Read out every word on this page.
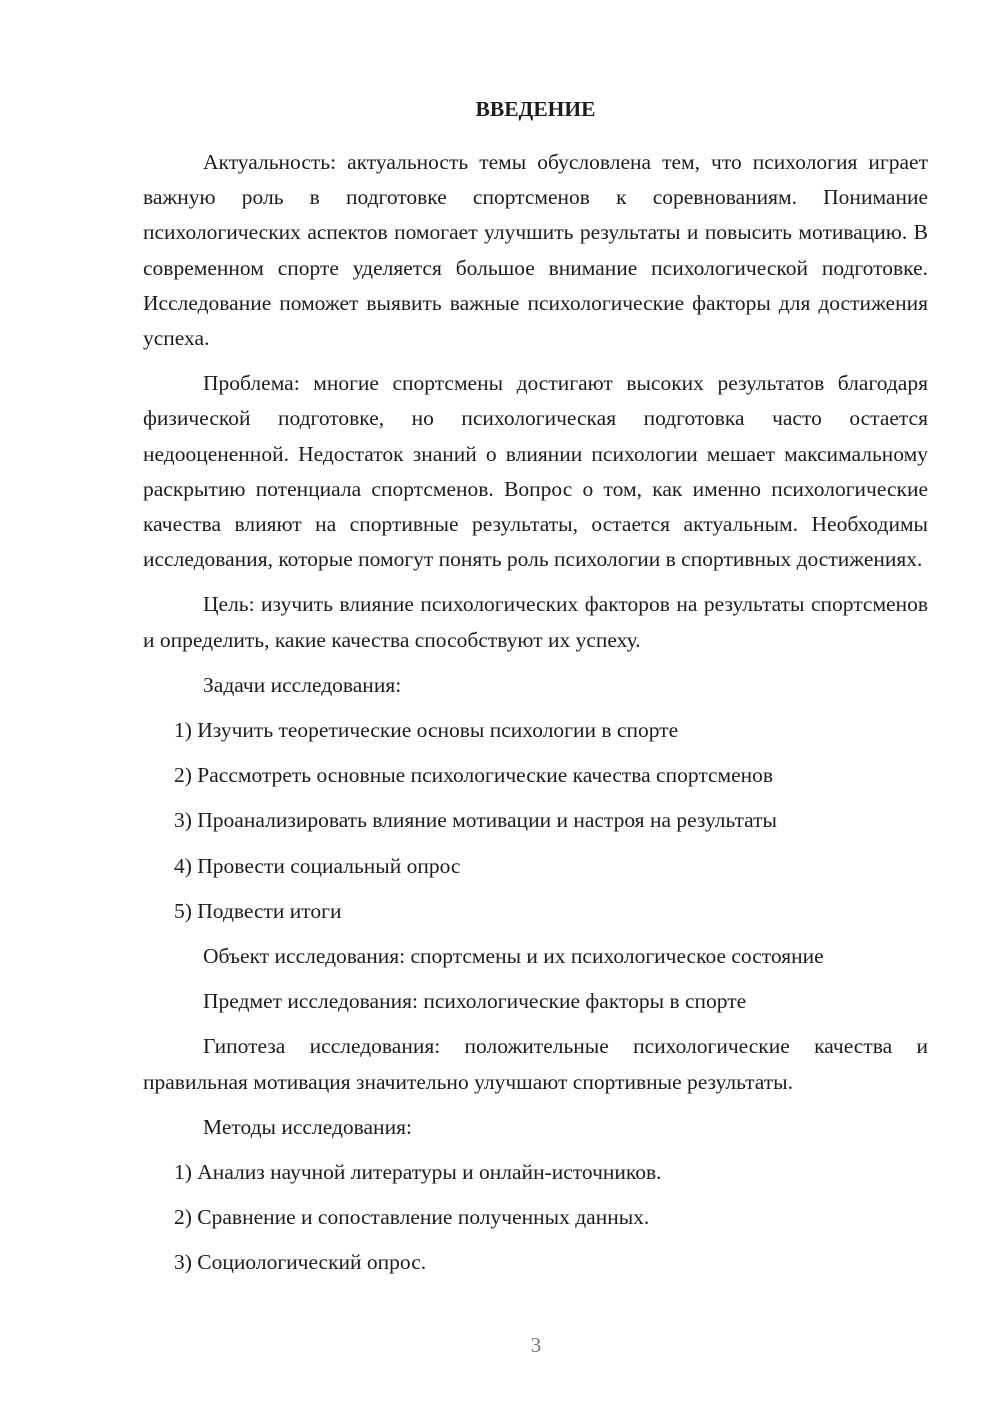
ВВЕДЕНИЕ

Актуальность: актуальность темы обусловлена тем, что психология играет важную роль в подготовке спортсменов к соревнованиям. Понимание психологических аспектов помогает улучшить результаты и повысить мотивацию. В современном спорте уделяется большое внимание психологической подготовке. Исследование поможет выявить важные психологические факторы для достижения успеха.

Проблема: многие спортсмены достигают высоких результатов благодаря физической подготовке, но психологическая подготовка часто остается недооцененной. Недостаток знаний о влиянии психологии мешает максимальному раскрытию потенциала спортсменов. Вопрос о том, как именно психологические качества влияют на спортивные результаты, остается актуальным. Необходимы исследования, которые помогут понять роль психологии в спортивных достижениях.

Цель: изучить влияние психологических факторов на результаты спортсменов и определить, какие качества способствуют их успеху.

Задачи исследования:
1) Изучить теоретические основы психологии в спорте
2) Рассмотреть основные психологические качества спортсменов
3) Проанализировать влияние мотивации и настроя на результаты
4) Провести социальный опрос
5) Подвести итоги
Объект исследования: спортсмены и их психологическое состояние
Предмет исследования: психологические факторы в спорте

Гипотеза исследования: положительные психологические качества и правильная мотивация значительно улучшают спортивные результаты.

Методы исследования:
1) Анализ научной литературы и онлайн-источников.
2) Сравнение и сопоставление полученных данных.
3) Социологический опрос.
3
